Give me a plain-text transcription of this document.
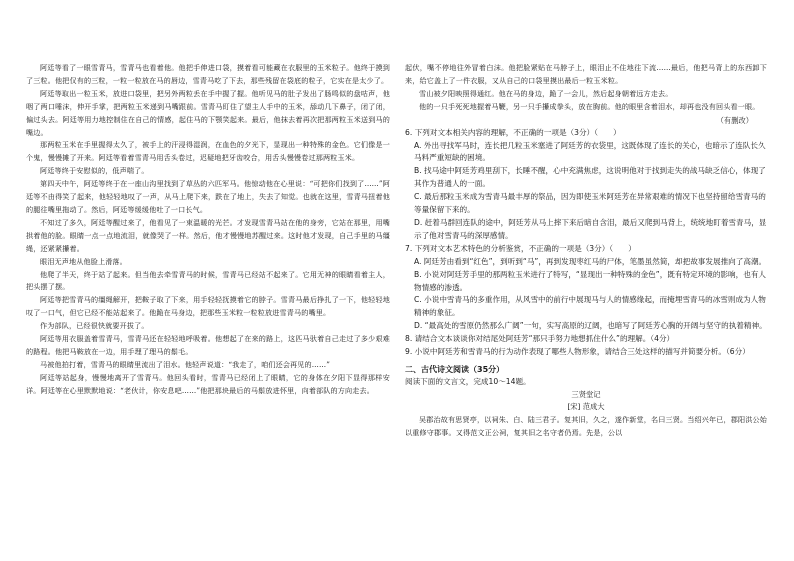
阿廷等看了一眼雪青马，雪青马也看着他。他把手伸进口袋，摸着看可能藏在衣服里的玉米粒子。他终于摸到了三粒。他把仅有的三粒，一粒一粒放在马的唇边，雪青马吃了下去，那些残留在袋底的粒子，它实在是太少了。

阿廷等取出一粒玉米，放进口袋里，把另外两粒丢在手中握了握。他听见马的肚子发出了肠鸣似的盘咕声，他咽了两口唾沫，伸开手掌，把两粒玉米递到马嘴跟前。雪青马盯住了望主人手中的玉米，舔动几下鼻子，闭了闭，偏过头去。阿廷等用力地控制住在自己的情感，起住马的下颚笑起来。最后，他抹去着再次把那两粒玉米送到马的嘴边。

那两粒玉米在手里握得太久了，被手上的汗浸得湿润，在血色的夕光下，显现出一种特殊的金色。它们像是一个鬼，慢慢摊了开来。阿廷等看着雪青马用舌头卷过，迟疑地把牙齿咬合，用舌头慢慢卷过那两粒玉米。

阿廷等终于安慰似的，低声喘了。

第四天中午，阿廷等终于在一座山沟里找到了草丛的六匹军马。他惊动他在心里说：“可把你们找到了……”阿廷等不由得笑了起来，他轻轻地叹了一声，从马上爬下来，跌在了地上，失去了知觉。也就在这里，雪青马扭着他的腿往嘴里拖动了。然后，阿廷等缓缓他吐了一口长气。

不知过了多久，阿廷等醒过来了，他看见了一束温暖的光芒。才发现雪青马站在他的身旁，它站在那里，用嘴拱着他的脸。眼睛一点一点地流泪，就像哭了一样。然后，他才慢慢地苏醒过来。这时他才发现，自己手里的马缰绳，还紧紧攥着。

眼泪无声地从他脸上滑落。

他爬了半天，终于站了起来。但当他去牵雪青马的时候，雪青马已经站不起来了。它用无神的眼睛看着主人，把头摆了摆。

阿廷等把雪青马的缰绳解开，把鞍子取了下来，用手轻轻抚摸着它的脖子。雪青马最后挣扎了一下，他轻轻地叹了一口气，但它已经不能站起来了。他跪在马身边，把那些玉米粒一粒粒放进雪青马的嘴里。

作为部队，已经很快就要开拔了。

阿廷等用衣服盖着雪青马，雪青马还在轻轻地呼吸着。他想起了在来的路上，这匹马驮着自己走过了多少艰难的路程。他把马鞍放在一边，用手理了理马的鬃毛。

马被他拍打着，雪青马的眼睛里流出了泪水。他轻声说道：“我走了，咱们还会再见的……”

阿廷等站起身，慢慢地离开了雪青马。他回头看时，雪青马已经闭上了眼睛，它的身体在夕阳下显得那样安详。阿廷等在心里默默地说：“老伙计，你安息吧……”他把那块最后的马鬃放进怀里，向着部队的方向走去。

起伏，嘴不停地往外冒着白沫。他把脸紧贴在马脖子上，眼泪止不住地往下流……最后，他把马背上的东西卸下来，给它盖上了一件衣服，又从自己的口袋里摸出最后一粒玉米粒。

雪山被夕阳映照得通红。他在马的身边，跪了一会儿，然后起身朝着远方走去。

他的一只手死死地握着马鞭，另一只手攥成拳头，放在胸前。他的眼里含着泪水，却再也没有回头看一眼。

（有删改）

6. 下列对文本相关内容的理解，不正确的一项是（3分）（　　）

A. 外出寻找军马时，连长把几粒玉米塞进了阿廷芳的衣袋里，这既体现了连长的关心，也暗示了连队长久马料严重短缺的困境。

B. 找马途中阿廷芳鸡里刮下，长睡不醒，心中充满焦虑，这说明他对于找到走失的战马缺乏信心，体现了其作为普通人的一面。

C. 最后那粒玉米成为雪青马最丰厚的祭品，因为即使玉米阿廷芳在异常艰难的情况下也坚持留给雪青马的等量保留下来的。

D. 赶着马群回连队的途中，阿廷芳从马上摔下来后暗自含泪，最后又爬到马背上，统统地盯着雪青马，显示了他对雪青马的深厚感情。

7. 下列对文本艺术特色的分析鉴赏，不正确的一项是（3分）（　　）

A. 阿廷芳由看到“红色”，到听到“马”，再到发现枣红马的尸体，笔墨虽然简，却把故事发展推向了高潮。

B. 小说对阿廷芳手里的那两粒玉米进行了特写，“显现出一种特殊的金色”，既有特定环境的影响，也有人物情感的渗透。

C. 小说中雪青马的多重作用，从风雪中的前行中展现马与人的情感缘起，而掩埋雪青马的冰雪则成为人物精神的象征。

D. “最高处的雪原仍然那么广阔”一句，实写高原的辽阔，也暗写了阿廷芳心胸的开阔与坚守的执着精神。

8. 请结合文本谈谈你对结尾处阿廷芳“那只手努力地想抓住什么”的理解。（4分）

9. 小说中阿廷芳和雪青马的行为动作表现了哪些人物形象，请结合三处这样的描写并简要分析。（6分）

二、古代诗文阅读（35分）

阅读下面的文言文，完成10～14题。

三贤堂记

[宋] 范成大

吴郡治故有思贤亭，以祠朱、白、陆三君子。复其旧，久之，遂作新堂，名曰三贤。当绍兴年已，郡阳洪公始以重修守郡事。又得范文正公祠，复其旧之名守者仍焉。先是，公以
